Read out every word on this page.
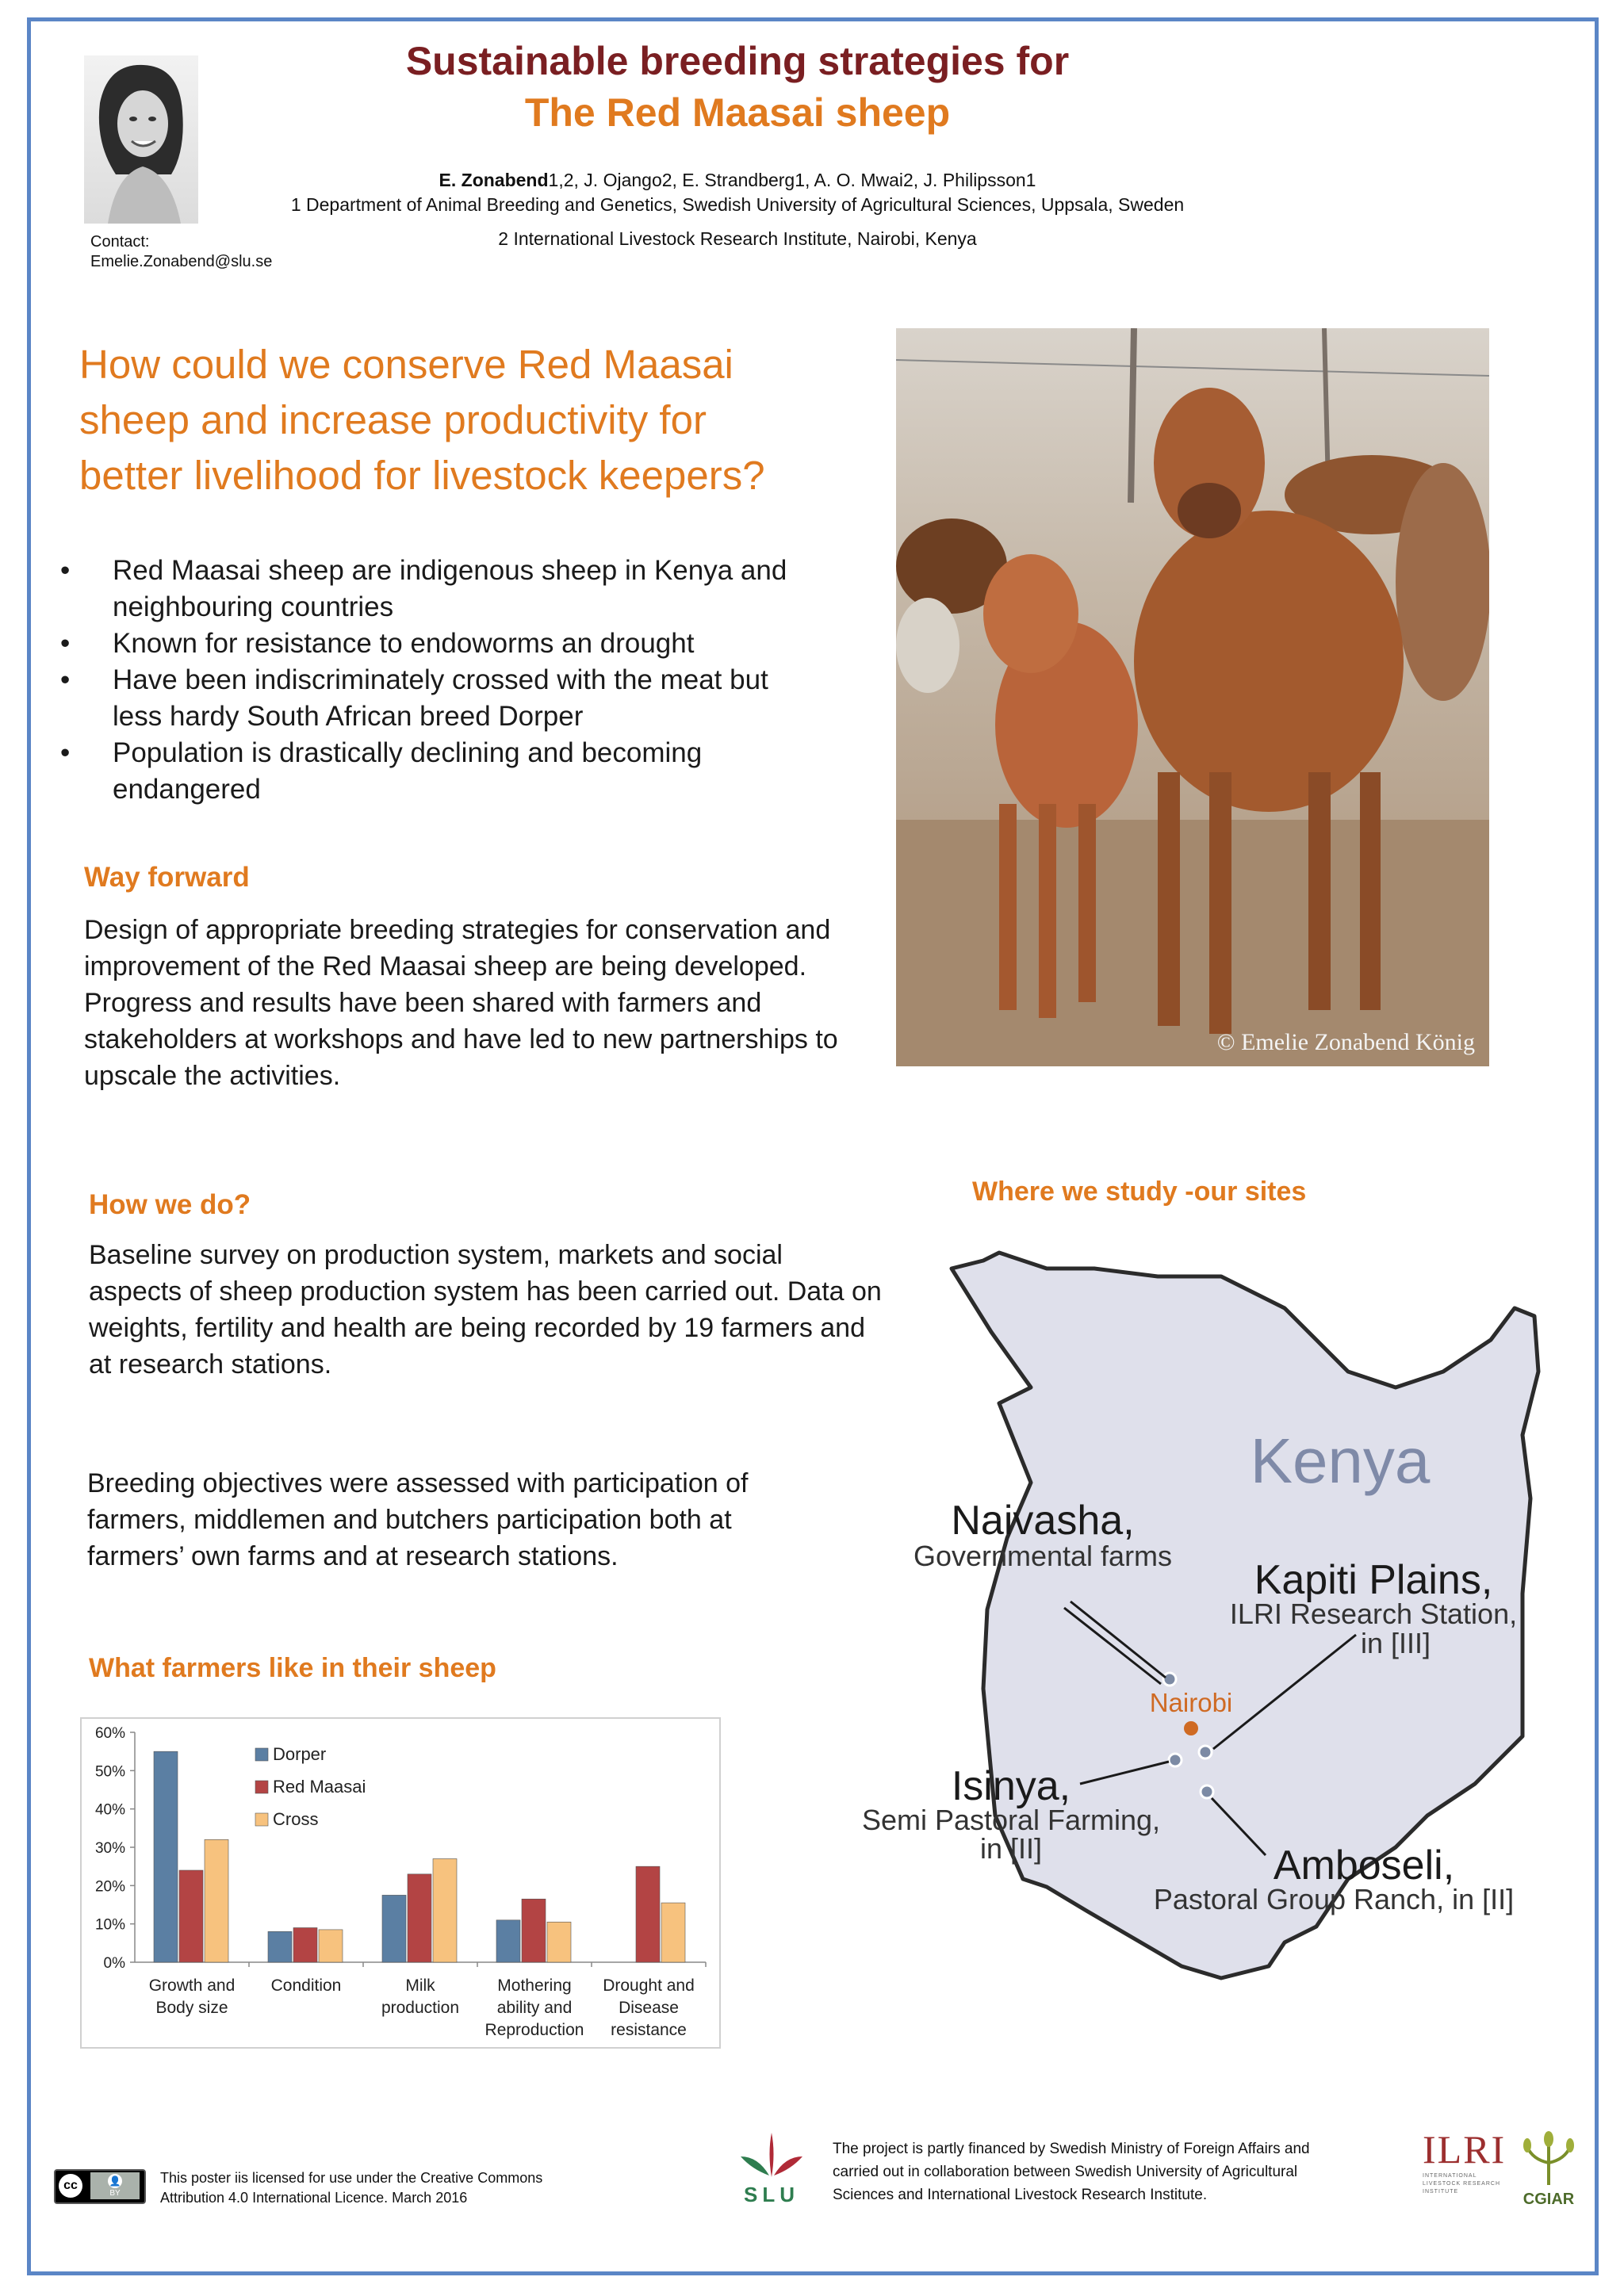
Contact:
Emelie.Zonabend@slu.se
Sustainable breeding strategies for
The Red Maasai sheep
E. Zonabend1,2, J. Ojango2, E. Strandberg1, A. O. Mwai2, J. Philipsson1
1 Department of Animal Breeding and Genetics, Swedish University of Agricultural Sciences, Uppsala, Sweden
2 International Livestock Research Institute, Nairobi, Kenya
How could we conserve Red Maasai
sheep and increase productivity for
better livelihood for livestock keepers?
• Red Maasai sheep are indigenous sheep in Kenya and neighbouring countries
• Known for resistance to endoworms an drought
• Have been indiscriminately crossed with the meat but less hardy South African breed Dorper
• Population is drastically declining and becoming endangered
Way forward
Design of appropriate breeding strategies for conservation and improvement of the Red Maasai sheep are being developed. Progress and results have been shared with farmers and stakeholders at workshops and have led to new partnerships to upscale the activities.
© Emelie Zonabend König
How we do?
Baseline survey on production system, markets and social aspects of sheep production system has been carried out. Data on weights, fertility and health are being recorded by 19 farmers and at research stations.
Breeding objectives were assessed with participation of farmers, middlemen and butchers participation both at farmers’ own farms and at research stations.
Where we study -our sites
Kenya
Nairobi
Naivasha,
Governmental farms
Kapiti Plains,
ILRI Research Station,
in [III]
Isinya,
Semi Pastoral Farming,
in [II]	Amboseli,
Pastoral Group Ranch, in [II]
What farmers like in their sheep
0%
10%
20%
30%
40%
50%
60%
Growth and
Body size
Condition	Milk
production
Mothering
ability and
Reproduction
Drought and
Disease
resistance
Dorper
Red Maasai
Cross
cc	👤
BY
This poster iis licensed for use under the Creative Commons
Attribution 4.0 International Licence. March 2016	SLU
The project is partly financed by Swedish Ministry of Foreign Affairs and
carried out in collaboration between Swedish University of Agricultural
Sciences and International Livestock Research Institute.
ILRI
INTERNATIONAL
LIVESTOCK RESEARCH
INSTITUTE	CGIAR
